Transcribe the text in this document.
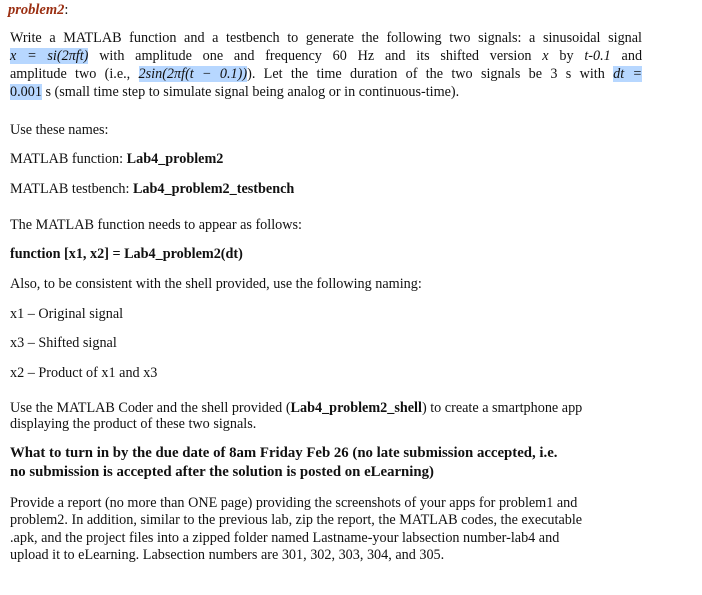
problem2:

Write a MATLAB function and a testbench to generate the following two signals: a sinusoidal signal

x = si(2πft) with amplitude one and frequency 60 Hz and its shifted version x by t-0.1 and

amplitude two (i.e., 2sin(2πf(t − 0.1))). Let the time duration of the two signals be 3 s with dt =

0.001 s (small time step to simulate signal being analog or in continuous-time).

Use these names:

MATLAB function: Lab4_problem2

MATLAB testbench: Lab4_problem2_testbench

The MATLAB function needs to appear as follows:

function [x1, x2] = Lab4_problem2(dt)

Also, to be consistent with the shell provided, use the following naming:

x1 – Original signal

x3 – Shifted signal

x2 – Product of x1 and x3

Use the MATLAB Coder and the shell provided (Lab4_problem2_shell) to create a smartphone app

displaying the product of these two signals.

What to turn in by the due date of 8am Friday Feb 26 (no late submission accepted, i.e.

no submission is accepted after the solution is posted on eLearning)

Provide a report (no more than ONE page) providing the screenshots of your apps for problem1 and

problem2. In addition, similar to the previous lab, zip the report, the MATLAB codes, the executable

.apk, and the project files into a zipped folder named Lastname-your labsection number-lab4 and

upload it to eLearning. Labsection numbers are 301, 302, 303, 304, and 305.
